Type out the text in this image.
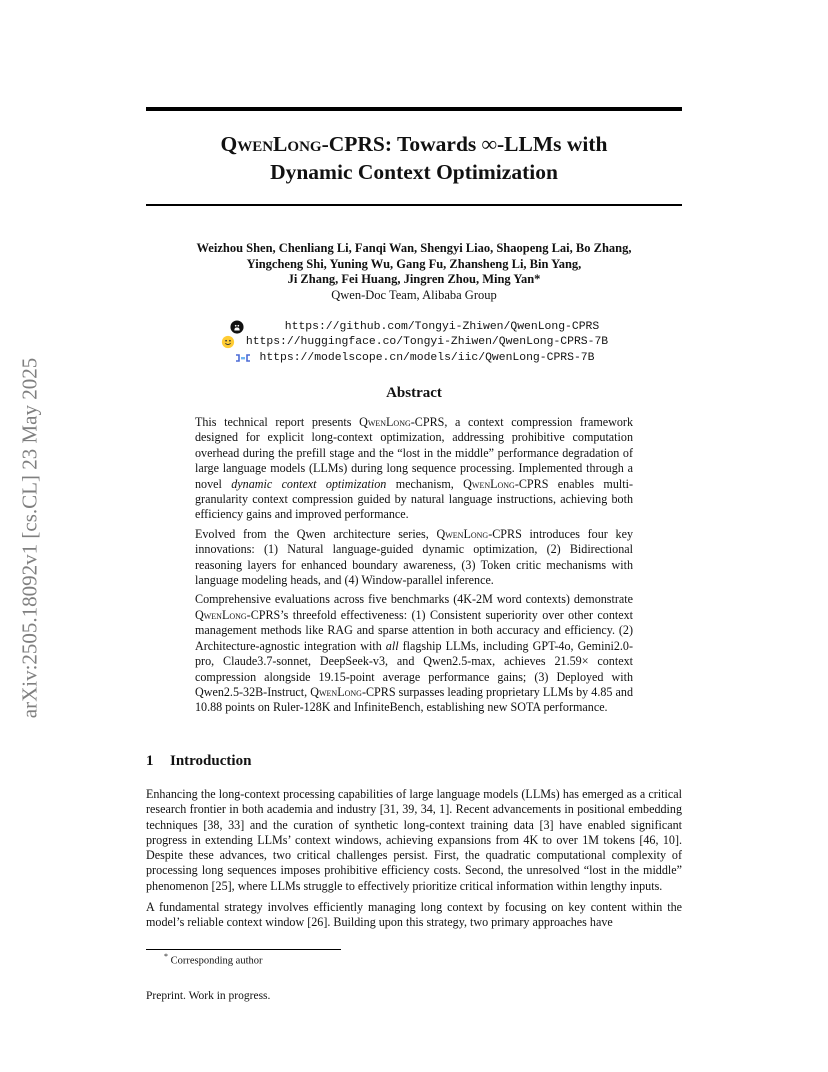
arXiv:2505.18092v1 [cs.CL] 23 May 2025
QwenLong-CPRS: Towards ∞-LLMs with
Dynamic Context Optimization
Weizhou Shen, Chenliang Li, Fanqi Wan, Shengyi Liao, Shaopeng Lai, Bo Zhang,
Yingcheng Shi, Yuning Wu, Gang Fu, Zhansheng Li, Bin Yang,
Ji Zhang, Fei Huang, Jingren Zhou, Ming Yan*
Qwen-Doc Team, Alibaba Group
https://github.com/Tongyi-Zhiwen/QwenLong-CPRS
https://huggingface.co/Tongyi-Zhiwen/QwenLong-CPRS-7B
https://modelscope.cn/models/iic/QwenLong-CPRS-7B
Abstract

This technical report presents QwenLong-CPRS, a context compression framework designed for explicit long-context optimization, addressing prohibitive computation overhead during the prefill stage and the “lost in the middle” performance degradation of large language models (LLMs) during long sequence processing. Implemented through a novel dynamic context optimization mechanism, QwenLong-CPRS enables multi-granularity context compression guided by natural language instructions, achieving both efficiency gains and improved performance.

Evolved from the Qwen architecture series, QwenLong-CPRS introduces four key innovations: (1) Natural language-guided dynamic optimization, (2) Bidirectional reasoning layers for enhanced boundary awareness, (3) Token critic mechanisms with language modeling heads, and (4) Window-parallel inference.

Comprehensive evaluations across five benchmarks (4K-2M word contexts) demonstrate QwenLong-CPRS’s threefold effectiveness: (1) Consistent superiority over other context management methods like RAG and sparse attention in both accuracy and efficiency. (2) Architecture-agnostic integration with all flagship LLMs, including GPT-4o, Gemini2.0-pro, Claude3.7-sonnet, DeepSeek-v3, and Qwen2.5-max, achieves 21.59× context compression alongside 19.15-point average performance gains; (3) Deployed with Qwen2.5-32B-Instruct, QwenLong-CPRS surpasses leading proprietary LLMs by 4.85 and 10.88 points on Ruler-128K and InfiniteBench, establishing new SOTA performance.

1 Introduction

Enhancing the long-context processing capabilities of large language models (LLMs) has emerged as a critical research frontier in both academia and industry [31, 39, 34, 1]. Recent advancements in positional embedding techniques [38, 33] and the curation of synthetic long-context training data [3] have enabled significant progress in extending LLMs’ context windows, achieving expansions from 4K to over 1M tokens [46, 10]. Despite these advances, two critical challenges persist. First, the quadratic computational complexity of processing long sequences imposes prohibitive efficiency costs. Second, the unresolved “lost in the middle” phenomenon [25], where LLMs struggle to effectively prioritize critical information within lengthy inputs.

A fundamental strategy involves efficiently managing long context by focusing on key content within the model’s reliable context window [26]. Building upon this strategy, two primary approaches have

* Corresponding author
Preprint. Work in progress.
